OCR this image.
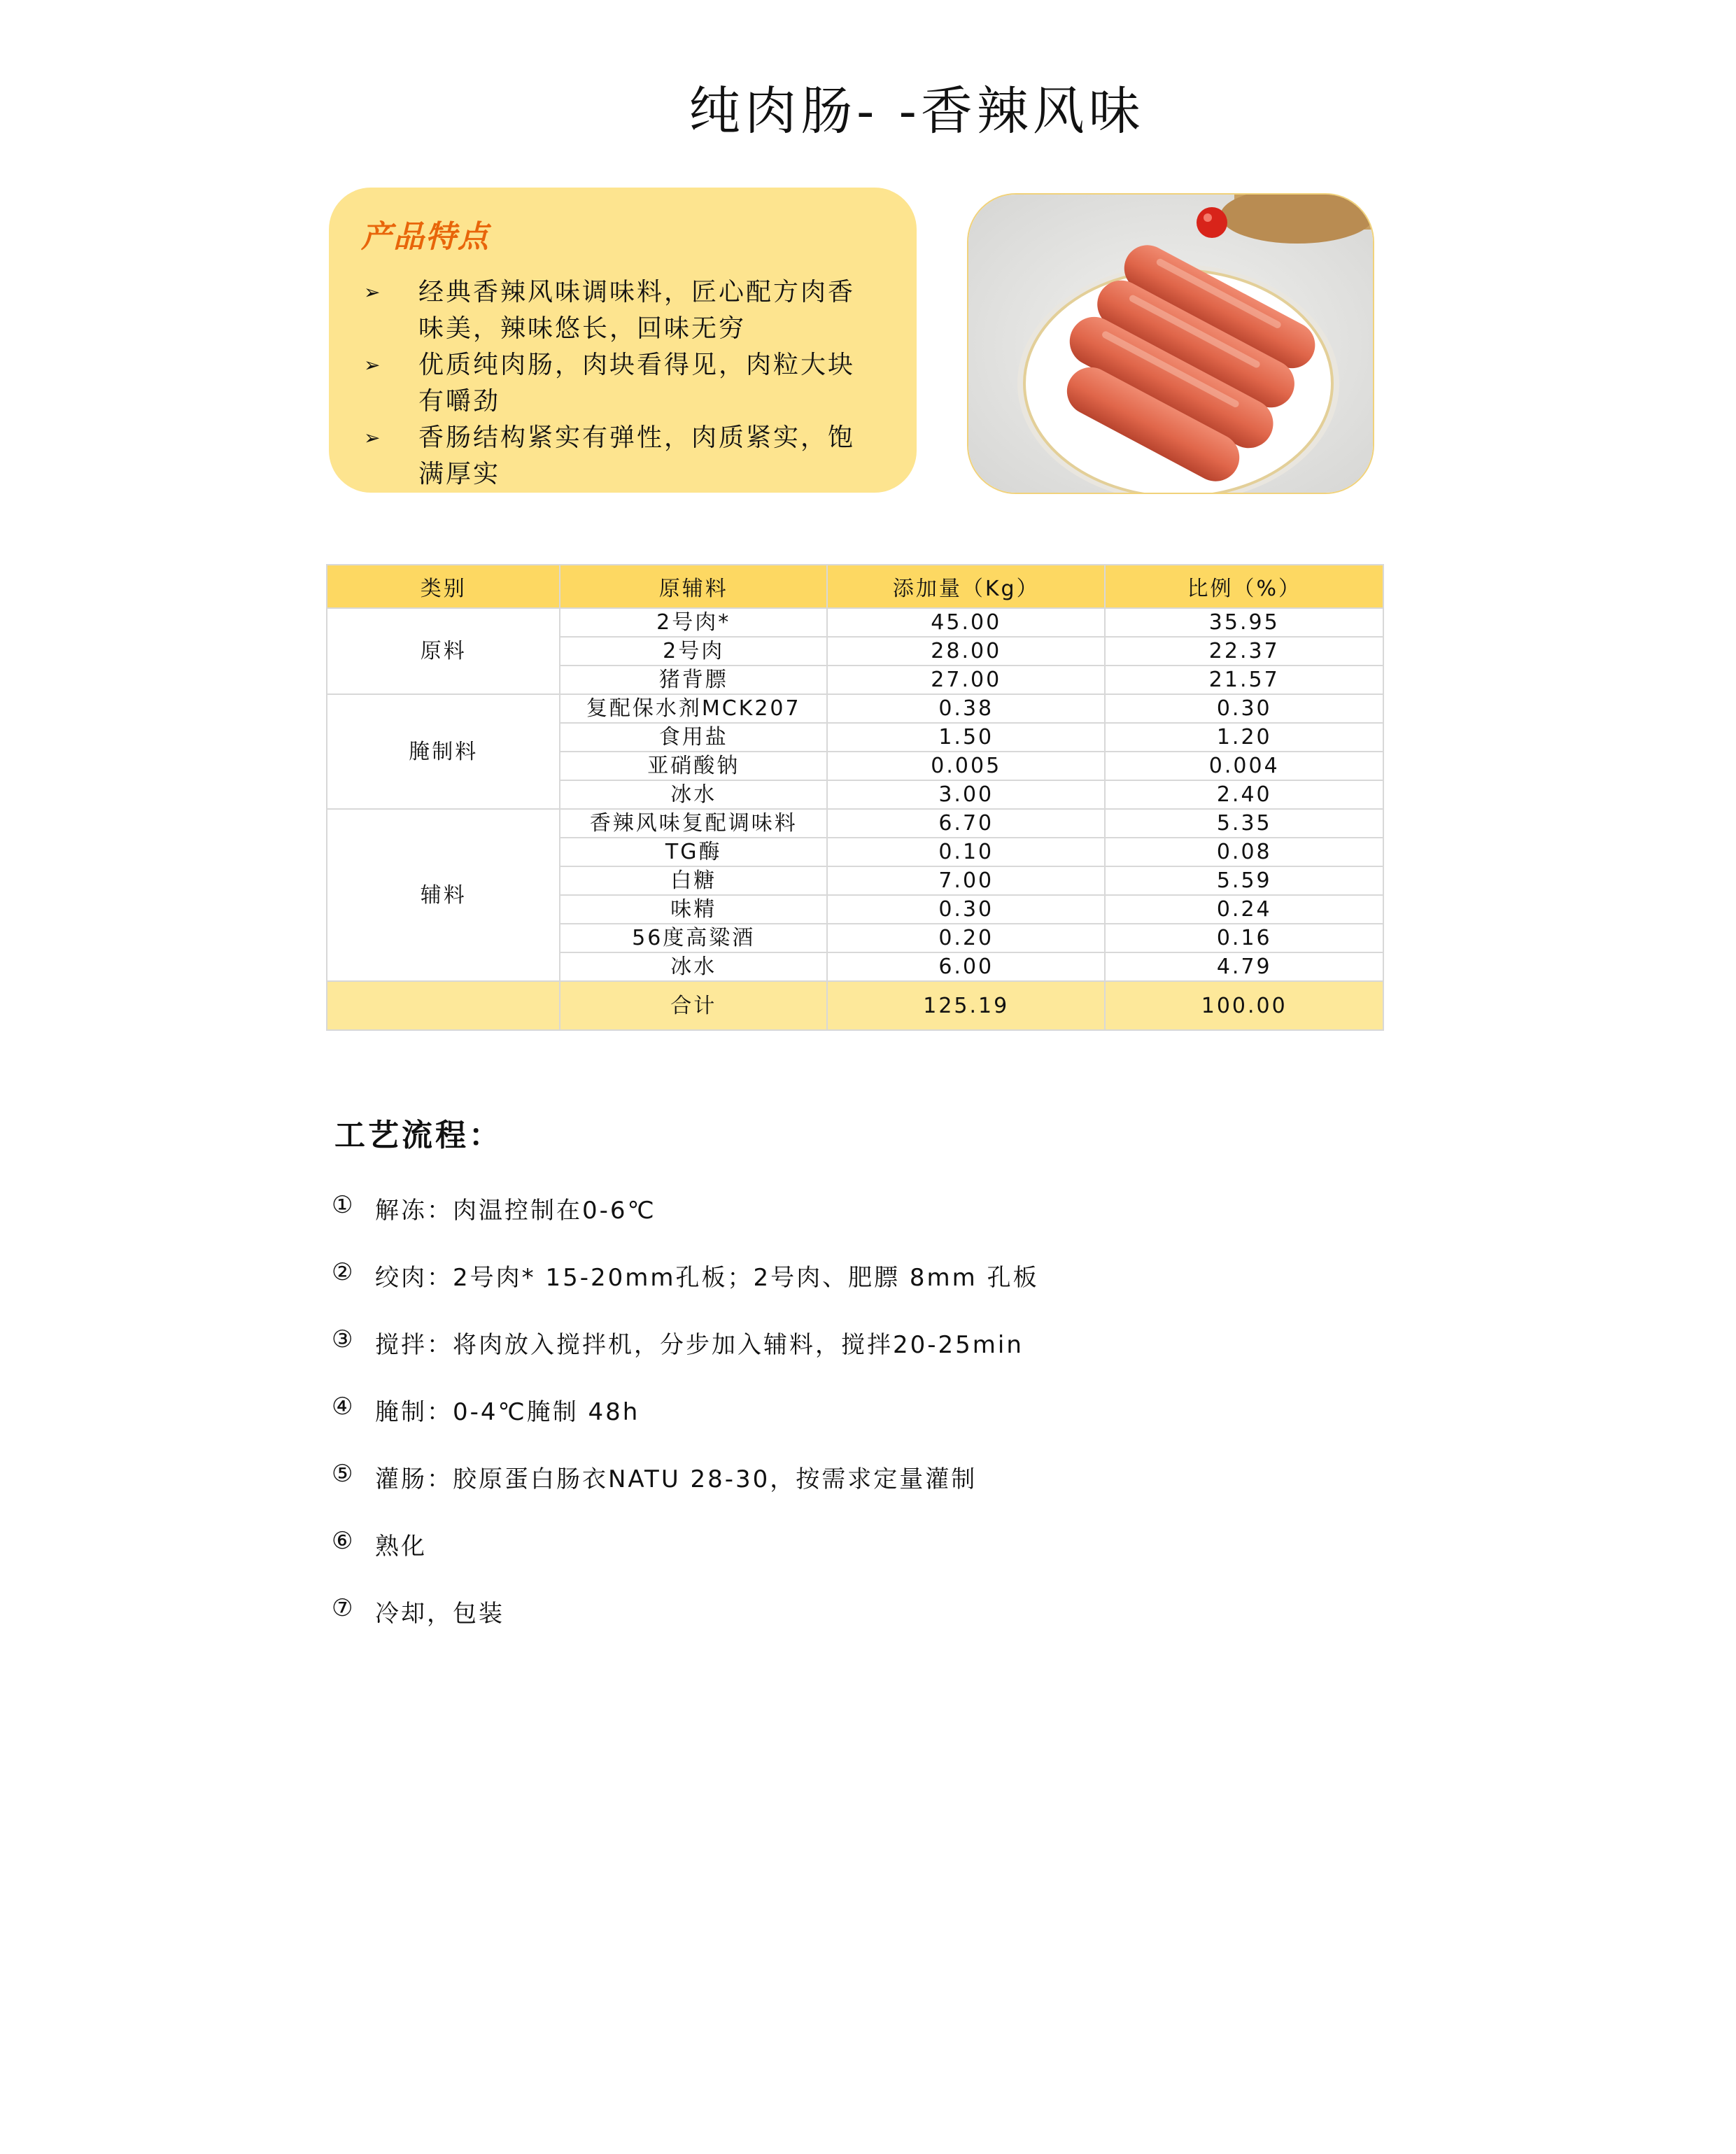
纯肉肠- -香辣风味
产品特点
➢	经典香辣风味调味料，匠心配方肉香味美，辣味悠长，回味无穷
➢	优质纯肉肠，肉块看得见，肉粒大块有嚼劲
➢	香肠结构紧实有弹性，肉质紧实，饱满厚实
类别	原辅料	添加量（Kg）	比例（%）
原料	2号肉*	45.00	35.95
	2号肉	28.00	22.37
	猪背膘	27.00	21.57
腌制料	复配保水剂MCK207	0.38	0.30
	食用盐	1.50	1.20
	亚硝酸钠	0.005	0.004
	冰水	3.00	2.40
辅料	香辣风味复配调味料	6.70	5.35
	TG酶	0.10	0.08
	白糖	7.00	5.59
	味精	0.30	0.24
	56度高粱酒	0.20	0.16
	冰水	6.00	4.79
	合计	125.19	100.00
工艺流程：
① 解冻：肉温控制在0-6℃
② 绞肉：2号肉* 15-20mm孔板；2号肉、肥膘 8mm 孔板
③ 搅拌：将肉放入搅拌机，分步加入辅料，搅拌20-25min
④ 腌制：0-4℃腌制 48h
⑤ 灌肠：胶原蛋白肠衣NATU 28-30，按需求定量灌制
⑥ 熟化
⑦ 冷却，包装
